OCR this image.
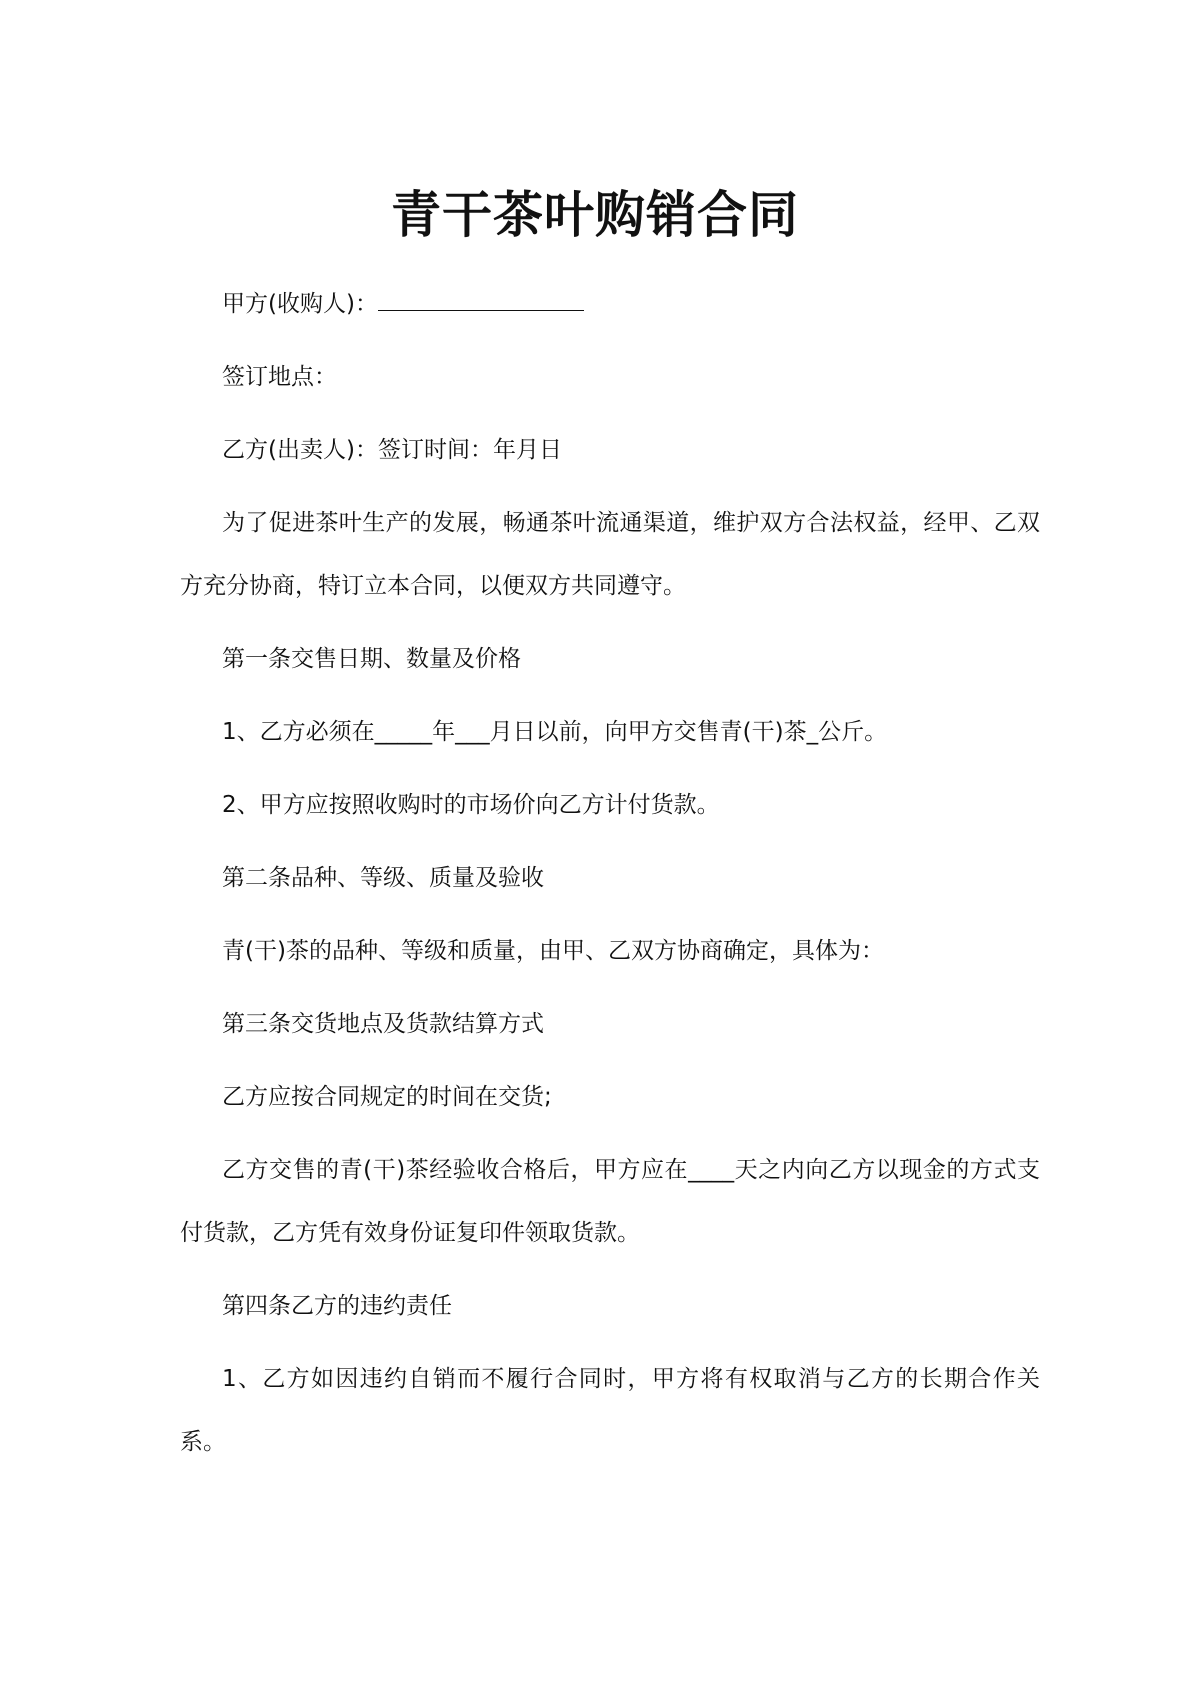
青干茶叶购销合同

甲方(收购人)：

签订地点：

乙方(出卖人)：签订时间：年月日

为了促进茶叶生产的发展，畅通茶叶流通渠道，维护双方合法权益，经甲、乙双方充分协商，特订立本合同，以便双方共同遵守。

第一条交售日期、数量及价格

1、乙方必须在_____年___月日以前，向甲方交售青(干)茶_公斤。

2、甲方应按照收购时的市场价向乙方计付货款。

第二条品种、等级、质量及验收

青(干)茶的品种、等级和质量，由甲、乙双方协商确定，具体为：

第三条交货地点及货款结算方式

乙方应按合同规定的时间在交货;

乙方交售的青(干)茶经验收合格后，甲方应在____天之内向乙方以现金的方式支付货款，乙方凭有效身份证复印件领取货款。

第四条乙方的违约责任

1、乙方如因违约自销而不履行合同时，甲方将有权取消与乙方的长期合作关系。
